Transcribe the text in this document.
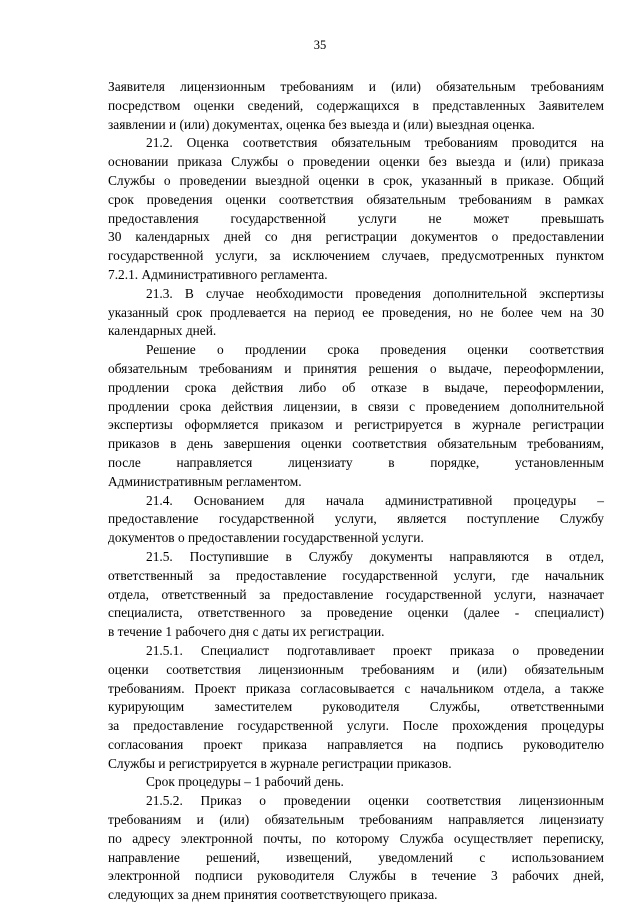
35
Заявителя лицензионным требованиям и (или) обязательным требованиям
посредством оценки сведений, содержащихся в представленных Заявителем
заявлении и (или) документах, оценка без выезда и (или) выездная оценка.
21.2. Оценка соответствия обязательным требованиям проводится на
основании приказа Службы о проведении оценки без выезда и (или) приказа
Службы о проведении выездной оценки в срок, указанный в приказе. Общий
срок проведения оценки соответствия обязательным требованиям в рамках
предоставления государственной услуги не может превышать
30 календарных дней со дня регистрации документов о предоставлении
государственной услуги, за исключением случаев, предусмотренных пунктом
7.2.1. Административного регламента.
21.3. В случае необходимости проведения дополнительной экспертизы
указанный срок продлевается на период ее проведения, но не более чем на 30
календарных дней.
Решение о продлении срока проведения оценки соответствия
обязательным требованиям и принятия решения о выдаче, переоформлении,
продлении срока действия либо об отказе в выдаче, переоформлении,
продлении срока действия лицензии, в связи с проведением дополнительной
экспертизы оформляется приказом и регистрируется в журнале регистрации
приказов в день завершения оценки соответствия обязательным требованиям,
после направляется лицензиату в порядке, установленным
Административным регламентом.
21.4. Основанием для начала административной процедуры –
предоставление государственной услуги, является поступление Службу
документов о предоставлении государственной услуги.
21.5. Поступившие в Службу документы направляются в отдел,
ответственный за предоставление государственной услуги, где начальник
отдела, ответственный за предоставление государственной услуги, назначает
специалиста, ответственного за проведение оценки (далее - специалист)
в течение 1 рабочего дня с даты их регистрации.
21.5.1. Специалист подготавливает проект приказа о проведении
оценки соответствия лицензионным требованиям и (или) обязательным
требованиям. Проект приказа согласовывается с начальником отдела, а также
курирующим заместителем руководителя Службы, ответственными
за предоставление государственной услуги. После прохождения процедуры
согласования проект приказа направляется на подпись руководителю
Службы и регистрируется в журнале регистрации приказов.
Срок процедуры – 1 рабочий день.
21.5.2. Приказ о проведении оценки соответствия лицензионным
требованиям и (или) обязательным требованиям направляется лицензиату
по адресу электронной почты, по которому Служба осуществляет переписку,
направление решений, извещений, уведомлений с использованием
электронной подписи руководителя Службы в течение 3 рабочих дней,
следующих за днем принятия соответствующего приказа.
